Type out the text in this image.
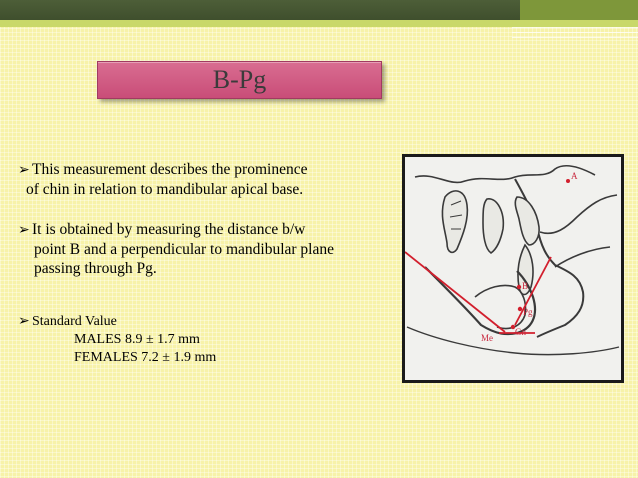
B-Pg
➢ This measurement describes the prominence
of chin in relation to mandibular apical base.
➢ It is obtained by measuring the distance b/w
point B and a perpendicular to mandibular plane
passing through Pg.
➢ Standard Value
MALES 8.9 ± 1.7 mm
FEMALES 7.2 ± 1.9 mm
A
B
Pg
Gn
Me
